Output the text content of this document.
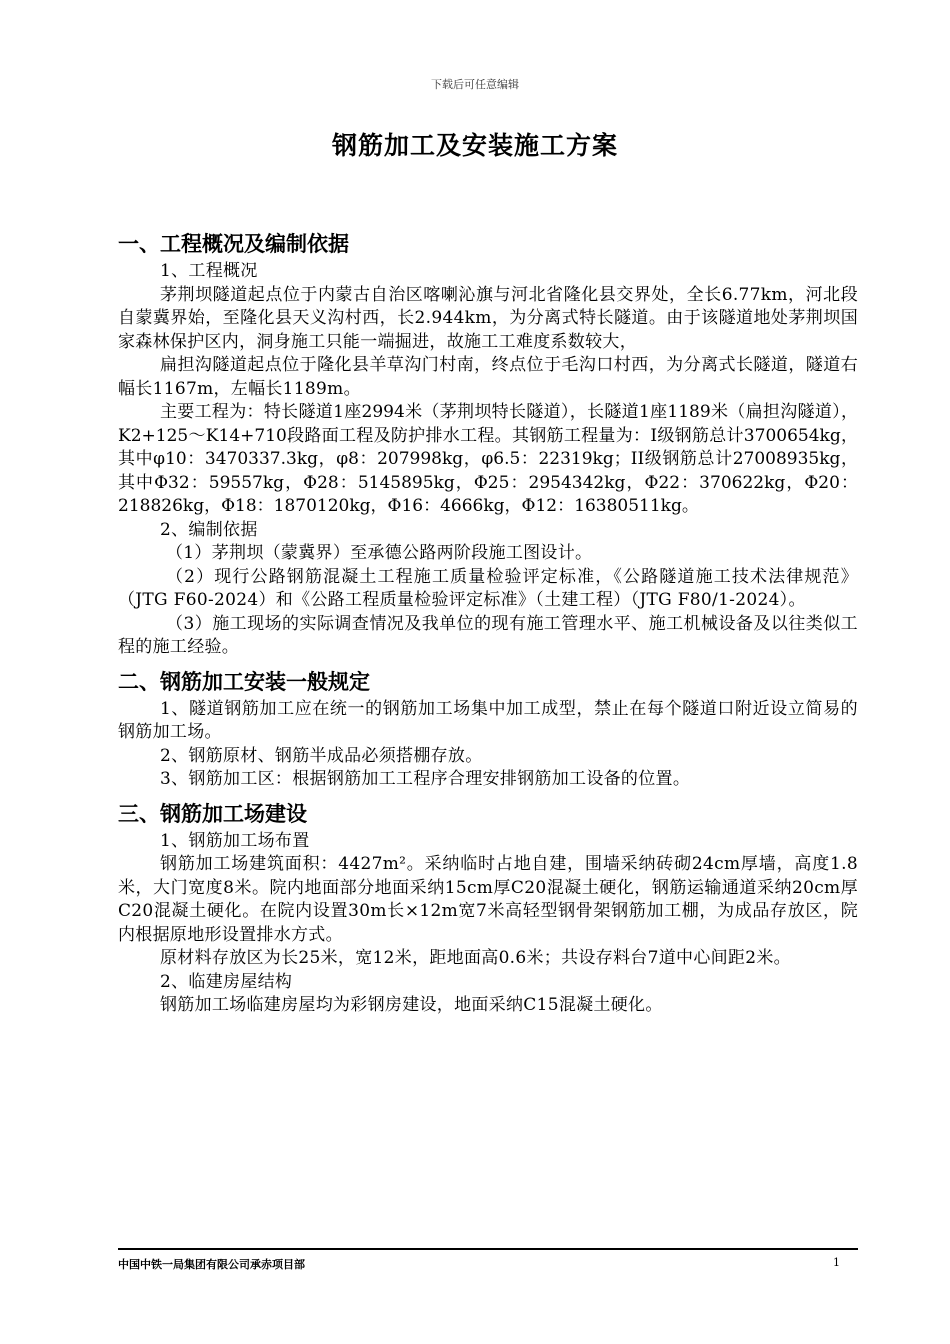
下载后可任意编辑
钢筋加工及安装施工方案
一、工程概况及编制依据

1、工程概况

茅荆坝隧道起点位于内蒙古自治区喀喇沁旗与河北省隆化县交界处，全长6.77km，河北段自蒙冀界始，至隆化县天义沟村西，长2.944km，为分离式特长隧道。由于该隧道地处茅荆坝国家森林保护区内，洞身施工只能一端掘进，故施工工难度系数较大，

扁担沟隧道起点位于隆化县羊草沟门村南，终点位于毛沟口村西，为分离式长隧道，隧道右幅长1167m，左幅长1189m。

主要工程为：特长隧道1座2994米（茅荆坝特长隧道），长隧道1座1189米（扁担沟隧道），K2+125～K14+710段路面工程及防护排水工程。其钢筋工程量为：I级钢筋总计3700654kg，其中φ10：3470337.3kg，φ8：207998kg，φ6.5：22319kg；II级钢筋总计27008935kg，其中Φ32：59557kg，Φ28：5145895kg，Φ25：2954342kg，Φ22：370622kg，Φ20：218826kg，Φ18：1870120kg，Φ16：4666kg，Φ12：16380511kg。

2、编制依据

（1）茅荆坝（蒙冀界）至承德公路两阶段施工图设计。

（2）现行公路钢筋混凝土工程施工质量检验评定标准，《公路隧道施工技术法律规范》（JTG F60-2024）和《公路工程质量检验评定标准》（土建工程）（JTG F80/1-2024）。

（3）施工现场的实际调查情况及我单位的现有施工管理水平、施工机械设备及以往类似工程的施工经验。

二、钢筋加工安装一般规定

1、隧道钢筋加工应在统一的钢筋加工场集中加工成型，禁止在每个隧道口附近设立简易的钢筋加工场。

2、钢筋原材、钢筋半成品必须搭棚存放。

3、钢筋加工区：根据钢筋加工工程序合理安排钢筋加工设备的位置。

三、钢筋加工场建设

1、钢筋加工场布置

钢筋加工场建筑面积：4427m²。采纳临时占地自建，围墙采纳砖砌24cm厚墙，高度1.8米，大门宽度8米。院内地面部分地面采纳15cm厚C20混凝土硬化，钢筋运输通道采纳20cm厚C20混凝土硬化。在院内设置30m长×12m宽7米高轻型钢骨架钢筋加工棚，为成品存放区，院内根据原地形设置排水方式。

原材料存放区为长25米，宽12米，距地面高0.6米；共设存料台7道中心间距2米。

2、临建房屋结构

钢筋加工场临建房屋均为彩钢房建设，地面采纳C15混凝土硬化。

中国中铁一局集团有限公司承赤项目部	1
